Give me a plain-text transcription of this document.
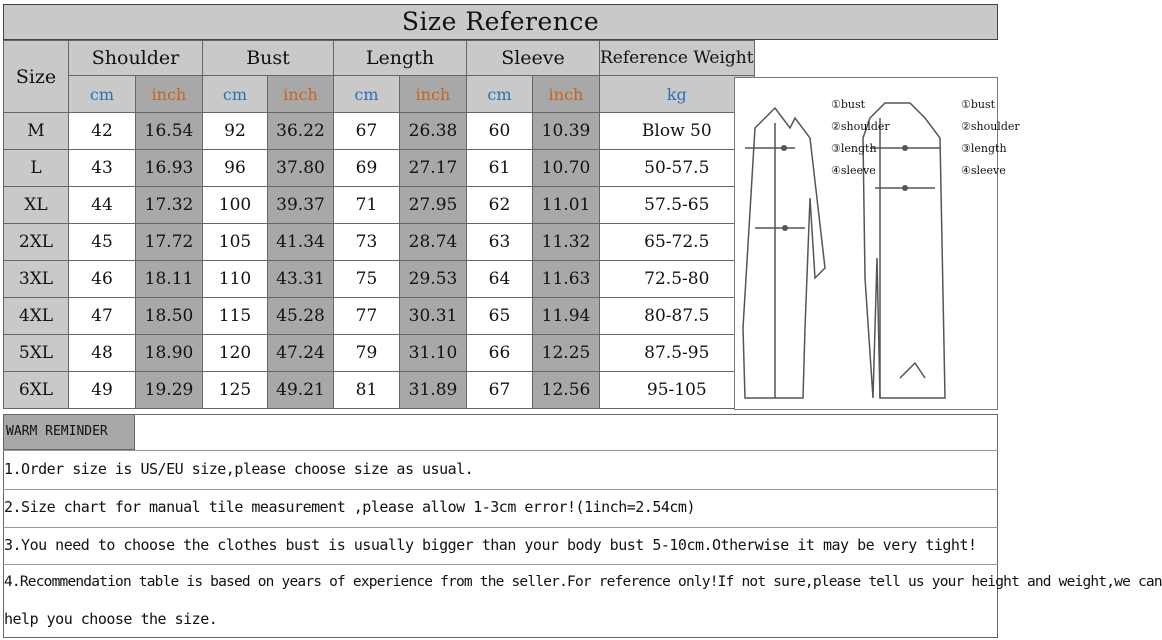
Size Reference
Size	Shoulder		Bust		Length		Sleeve		Reference Weight
	cm	inch	cm	inch	cm	inch	cm	inch	kg
M	42	16.54	92	36.22	67	26.38	60	10.39	Blow 50
L	43	16.93	96	37.80	69	27.17	61	10.70	50-57.5
XL	44	17.32	100	39.37	71	27.95	62	11.01	57.5-65
2XL	45	17.72	105	41.34	73	28.74	63	11.32	65-72.5
3XL	46	18.11	110	43.31	75	29.53	64	11.63	72.5-80
4XL	47	18.50	115	45.28	77	30.31	65	11.94	80-87.5
5XL	48	18.90	120	47.24	79	31.10	66	12.25	87.5-95
6XL	49	19.29	125	49.21	81	31.89	67	12.56	95-105
①bust
②shoulder
③length
④sleeve
①bust
②shoulder
③length
④sleeve
WARM REMINDER
1.Order size is US/EU size,please choose size as usual.
2.Size chart for manual tile measurement ,please allow 1-3cm error!(1inch=2.54cm)
3.You need to choose the clothes bust is usually bigger than your body bust 5-10cm.Otherwise it may be very tight!
4.Recommendation table is based on years of experience from the seller.For reference only!If not sure,please tell us your height and weight,we can
help you choose the size.
